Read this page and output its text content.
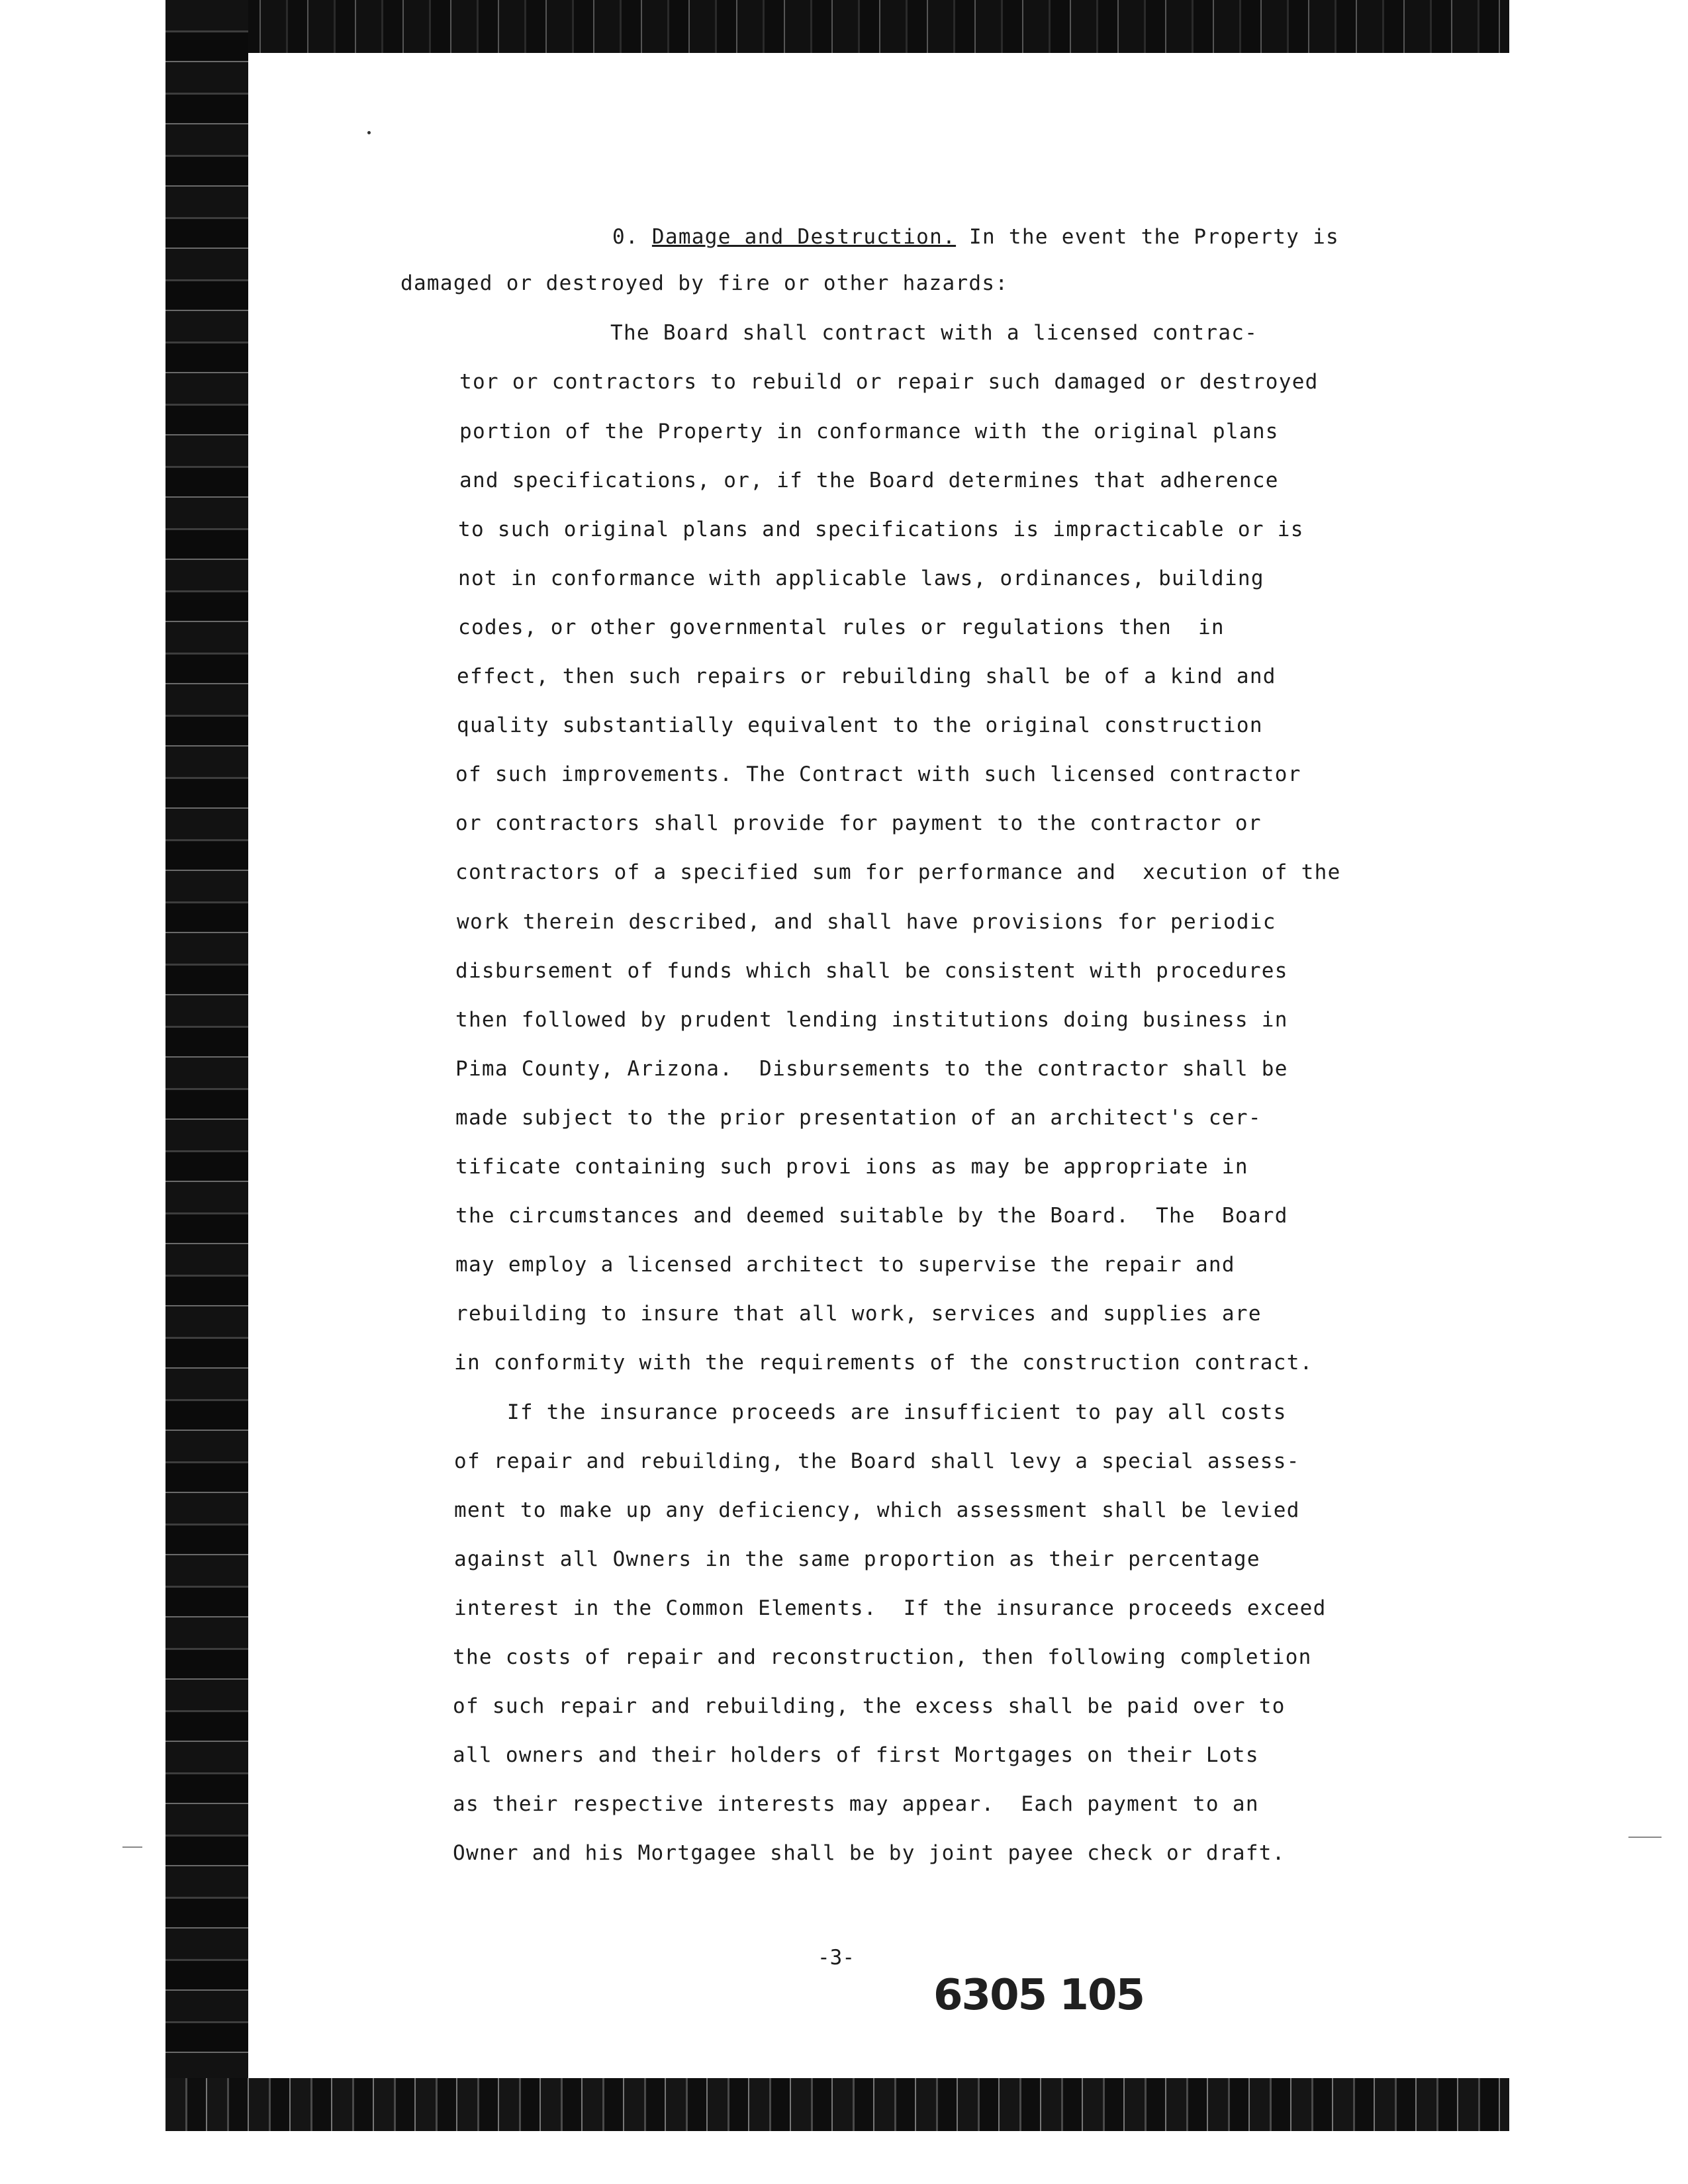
0. Damage and Destruction. In the event the Property is
damaged or destroyed by fire or other hazards:
The Board shall contract with a licensed contrac-
tor or contractors to rebuild or repair such damaged or destroyed
portion of the Property in conformance with the original plans
and specifications, or, if the Board determines that adherence
to such original plans and specifications is impracticable or is
not in conformance with applicable laws, ordinances, building
codes, or other governmental rules or regulations then  in
effect, then such repairs or rebuilding shall be of a kind and
quality substantially equivalent to the original construction
of such improvements. The Contract with such licensed contractor
or contractors shall provide for payment to the contractor or
contractors of a specified sum for performance and  xecution of the
work therein described, and shall have provisions for periodic
disbursement of funds which shall be consistent with procedures
then followed by prudent lending institutions doing business in
Pima County, Arizona.  Disbursements to the contractor shall be
made subject to the prior presentation of an architect's cer-
tificate containing such provi ions as may be appropriate in
the circumstances and deemed suitable by the Board.  The  Board
may employ a licensed architect to supervise the repair and
rebuilding to insure that all work, services and supplies are
in conformity with the requirements of the construction contract.
If the insurance proceeds are insufficient to pay all costs
of repair and rebuilding, the Board shall levy a special assess-
ment to make up any deficiency, which assessment shall be levied
against all Owners in the same proportion as their percentage
interest in the Common Elements.  If the insurance proceeds exceed
the costs of repair and reconstruction, then following completion
of such repair and rebuilding, the excess shall be paid over to
all owners and their holders of first Mortgages on their Lots
as their respective interests may appear.  Each payment to an
Owner and his Mortgagee shall be by joint payee check or draft.
-3-
6305 105
